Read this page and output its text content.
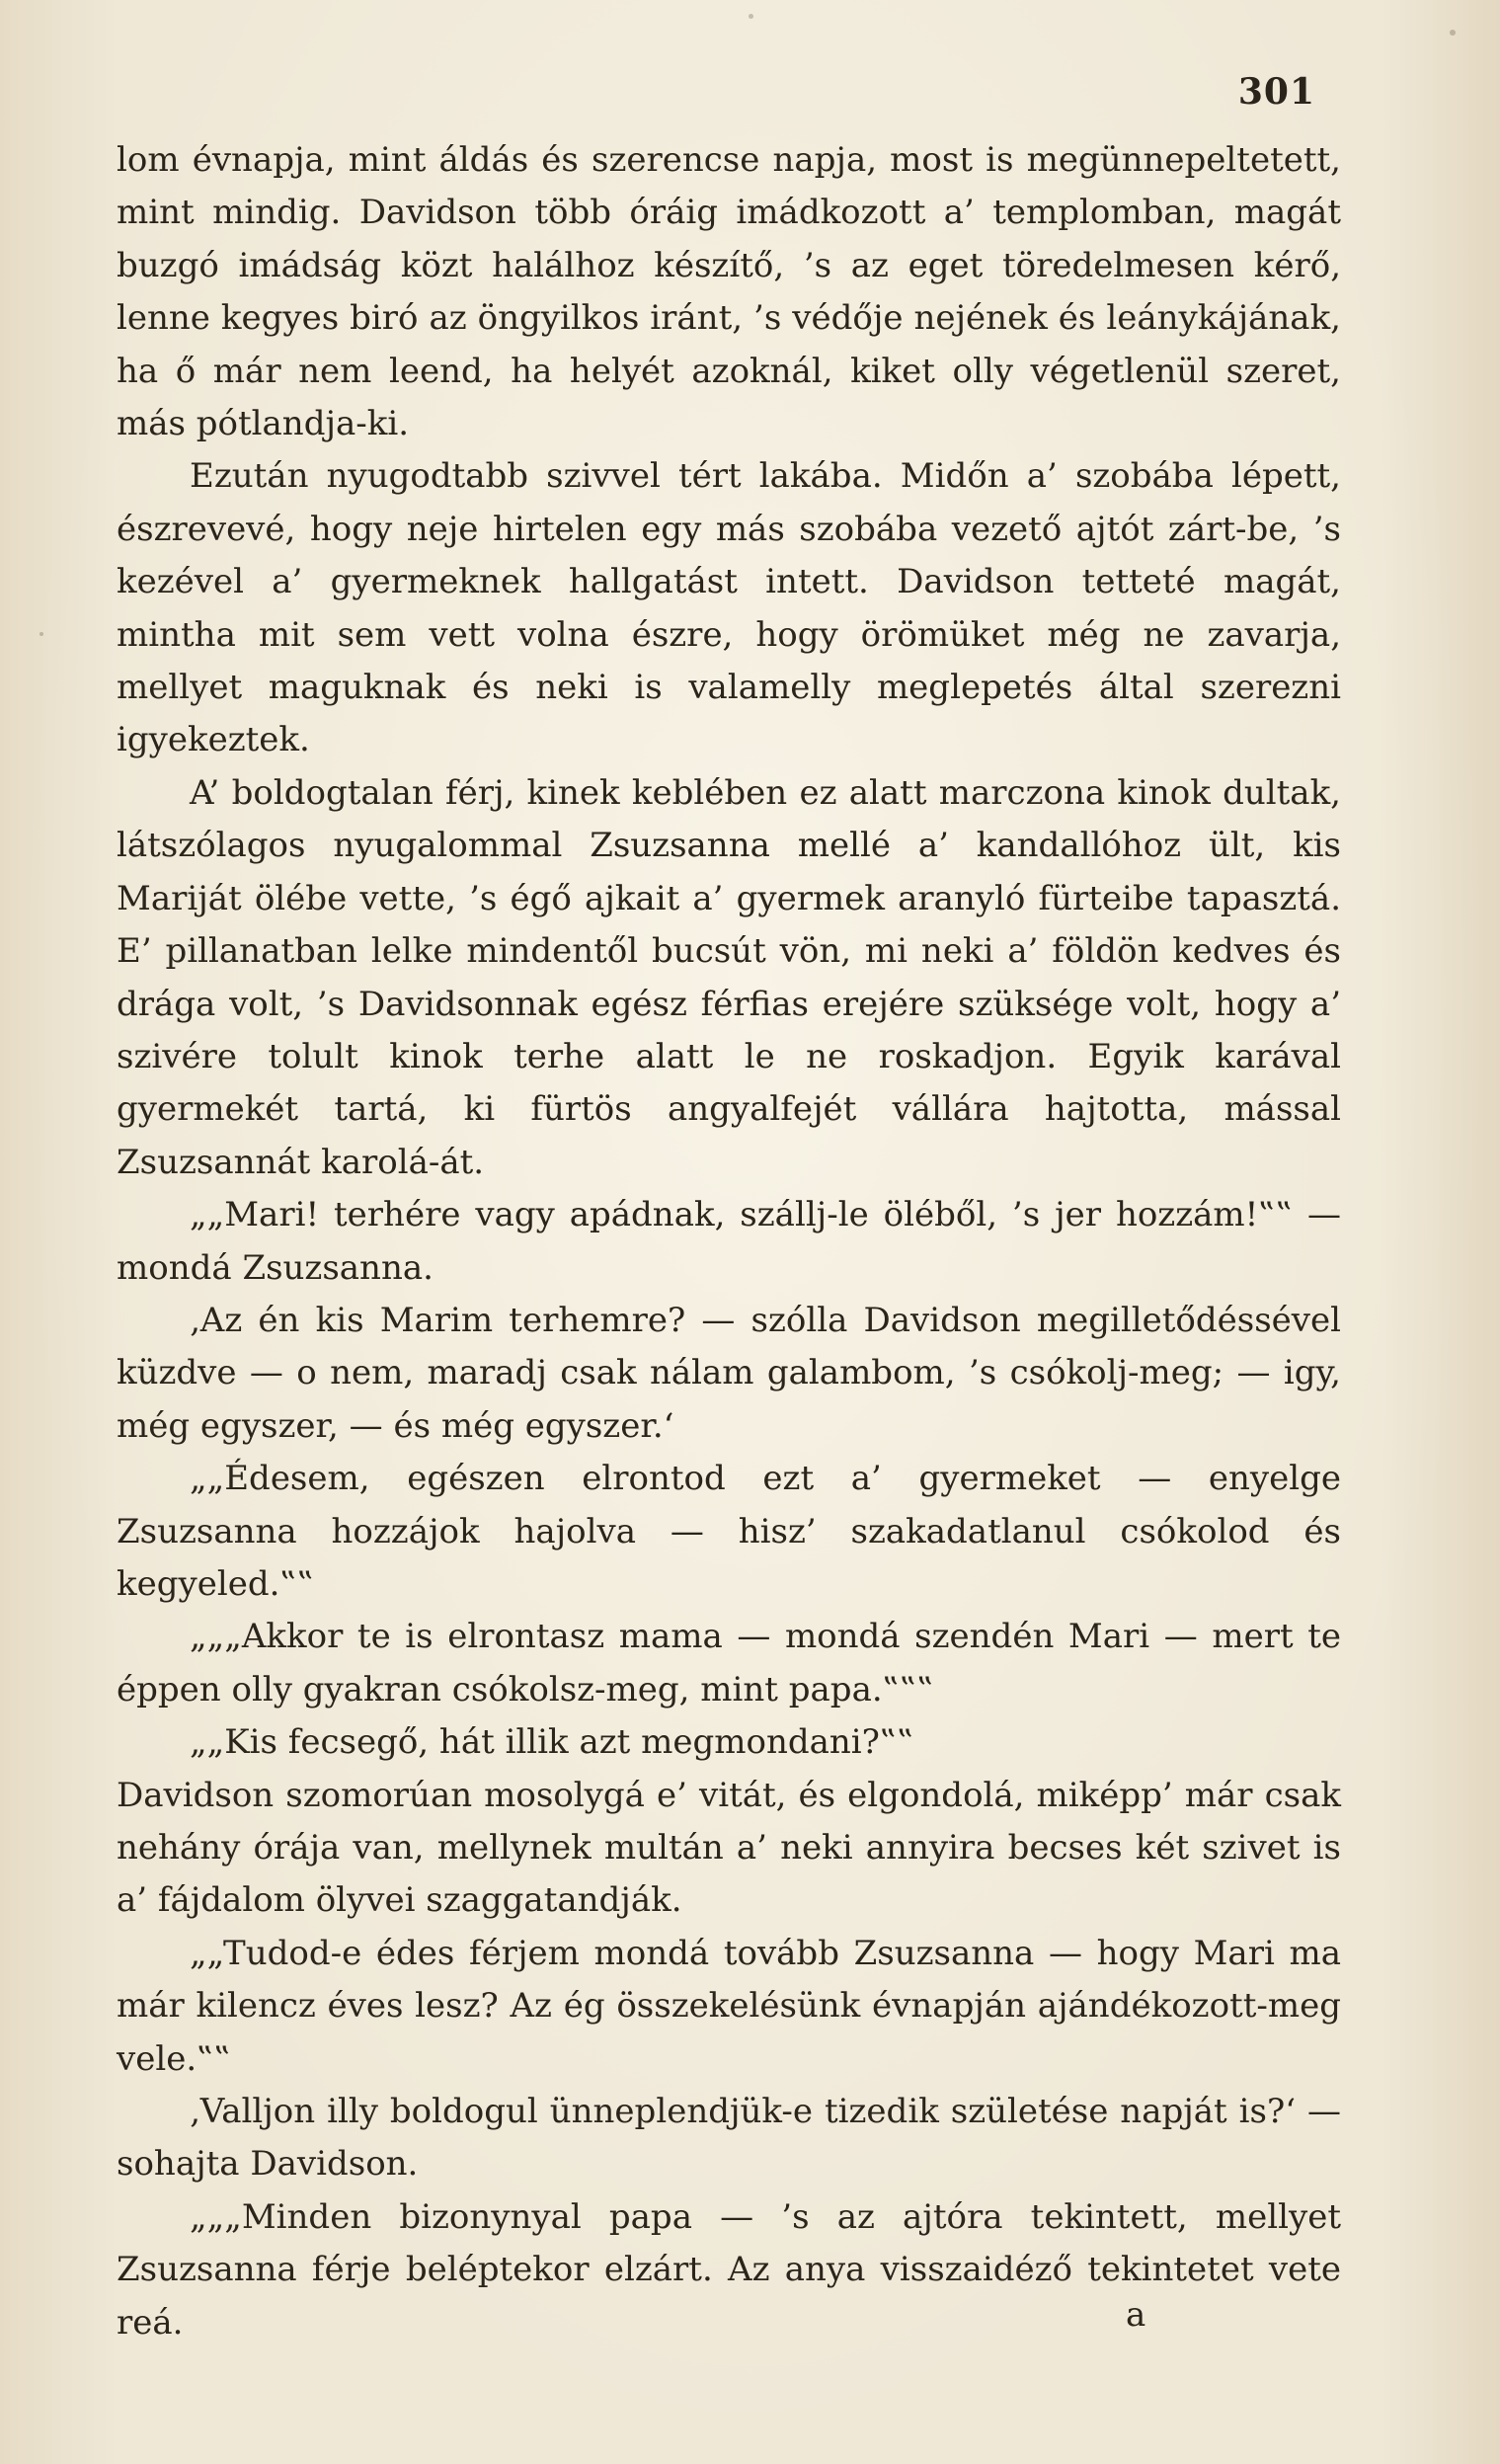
301

lom évnapja, mint áldás és szerencse napja, most is megünnepeltetett, mint mindig. Davidson több óráig imádkozott a’ templomban, magát buzgó imádság közt halálhoz készítő, ’s az eget töredelmesen kérő, lenne kegyes biró az öngyilkos iránt, ’s védője nejének és leánykájának, ha ő már nem leend, ha helyét azoknál, kiket olly végetlenül szeret, más pótlandja-ki.

Ezután nyugodtabb szivvel tért lakába. Midőn a’ szobába lépett, észrevevé, hogy neje hirtelen egy más szobába vezető ajtót zárt-be, ’s kezével a’ gyermeknek hallgatást intett. Davidson tetteté magát, mintha mit sem vett volna észre, hogy örömüket még ne zavarja, mellyet maguknak és neki is valamelly meglepetés által szerezni igyekeztek.

A’ boldogtalan férj, kinek keblében ez alatt marczona kinok dultak, látszólagos nyugalommal Zsuzsanna mellé a’ kandallóhoz ült, kis Mariját ölébe vette, ’s égő ajkait a’ gyermek aranyló fürteibe tapasztá. E’ pillanatban lelke mindentől bucsút vön, mi neki a’ földön kedves és drága volt, ’s Davidsonnak egész férfias erejére szüksége volt, hogy a’ szivére tolult kinok terhe alatt le ne roskadjon. Egyik karával gyermekét tartá, ki fürtös angyalfejét vállára hajtotta, mással Zsuzsannát karolá-át.

„„Mari! terhére vagy apádnak, szállj-le öléből, ’s jer hozzám!‟‟ — mondá Zsuzsanna.

‚Az én kis Marim terhemre? — szólla Davidson megilletődéssével küzdve — o nem, maradj csak nálam galambom, ’s csókolj-meg; — igy, még egyszer, — és még egyszer.‘

„„Édesem, egészen elrontod ezt a’ gyermeket — enyelge Zsuzsanna hozzájok hajolva — hisz’ szakadatlanul csókolod és kegyeled.‟‟

„„„Akkor te is elrontasz mama — mondá szendén Mari — mert te éppen olly gyakran csókolsz-meg, mint papa.‟‟‟

„„Kis fecsegő, hát illik azt megmondani?‟‟

Davidson szomorúan mosolygá e’ vitát, és elgondolá, miképp’ már csak nehány órája van, mellynek multán a’ neki annyira becses két szivet is a’ fájdalom ölyvei szaggatandják.

„„Tudod-e édes férjem mondá tovább Zsuzsanna — hogy Mari ma már kilencz éves lesz? Az ég összekelésünk évnapján ajándékozott-meg vele.‟‟

‚Valljon illy boldogul ünneplendjük-e tizedik születése napját is?‘ — sohajta Davidson.

„„„Minden bizonynyal papa — ’s az ajtóra tekintett, mellyet Zsuzsanna férje beléptekor elzárt. Az anya visszaidéző tekintetet vete reá.	a
